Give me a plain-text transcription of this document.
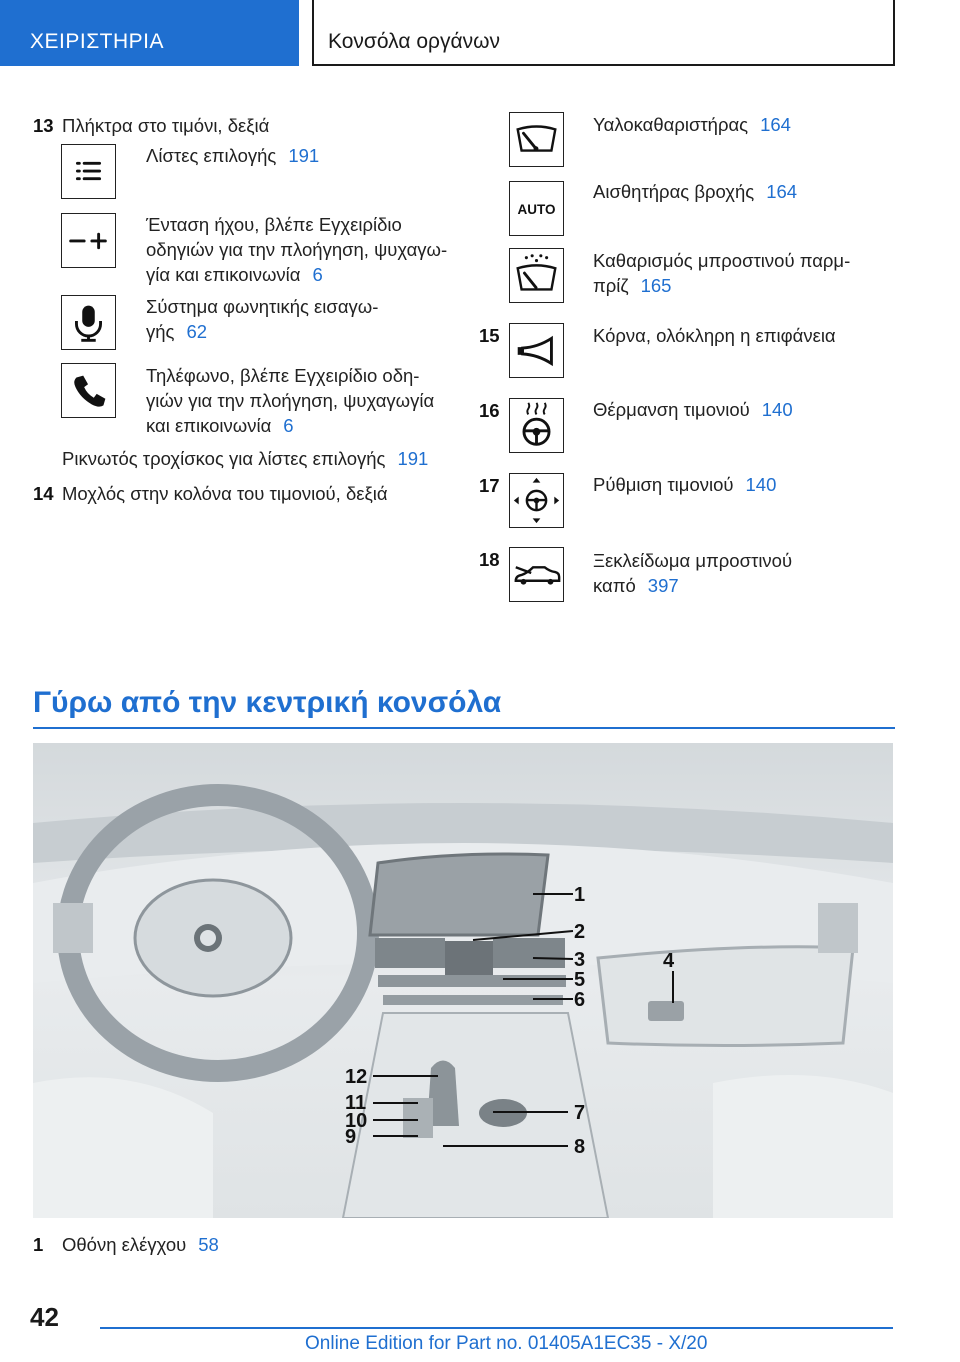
ΧΕΙΡΙΣΤΗΡΙΑ	Κονσόλα οργάνων
13 Πλήκτρα στο τιμόνι, δεξιά
Λίστες επιλογής 191
Ένταση ήχου, βλέπε Εγχειρίδιο
οδηγιών για την πλοήγηση, ψυχαγω-
γία και επικοινωνία 6
Σύστημα φωνητικής εισαγω-
γής 62
Τηλέφωνο, βλέπε Εγχειρίδιο οδη-
γιών για την πλοήγηση, ψυχαγωγία
και επικοινωνία 6
Ρικνωτός τροχίσκος για λίστες επιλογής 191
14 Μοχλός στην κολόνα του τιμονιού, δεξιά
Υαλοκαθαριστήρας 164
AUTO
Αισθητήρας βροχής 164
Καθαρισμός μπροστινού παρμ-
πρίζ 165
15	Κόρνα, ολόκληρη η επιφάνεια
16	Θέρμανση τιμονιού 140
17	Ρύθμιση τιμονιού 140
18	Ξεκλείδωμα μπροστινού
καπό 397
Γύρω από την κεντρική κονσόλα
1
2
3
5
6
4
12
11
10
9
7
8
1 Οθόνη ελέγχου 58
42
Online Edition for Part no. 01405A1EC35 - X/20
